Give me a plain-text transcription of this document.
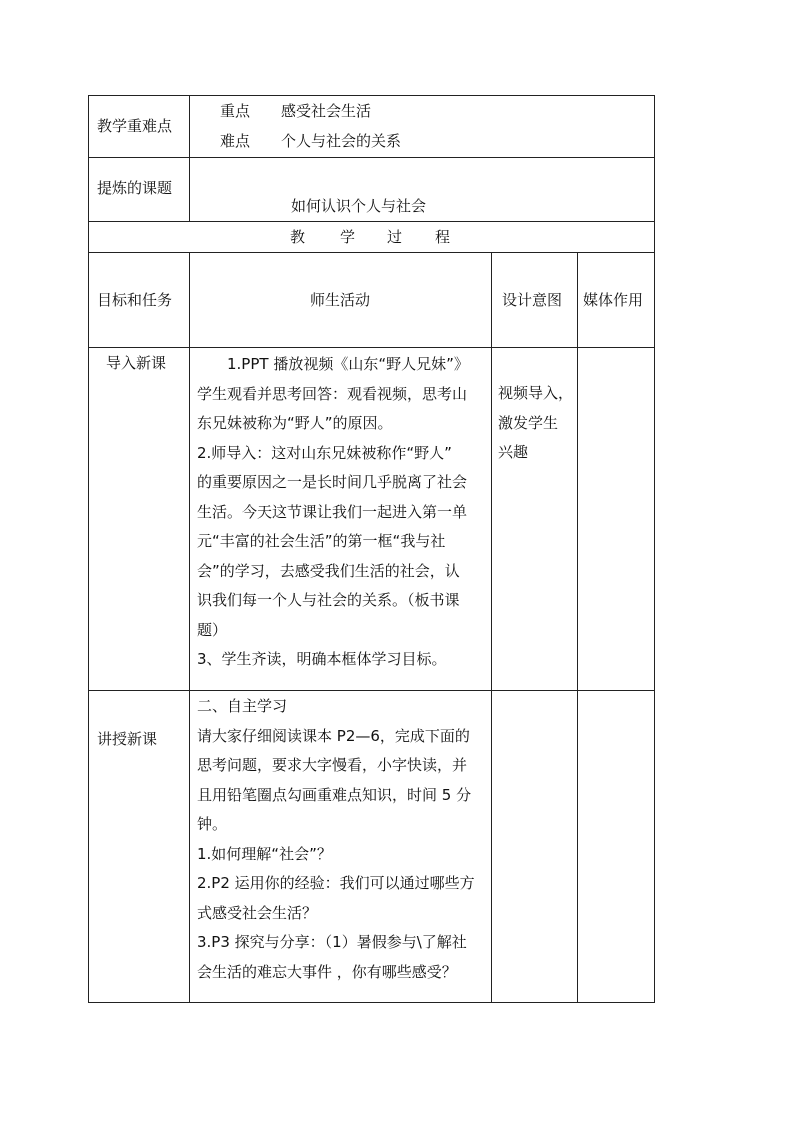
教学重难点
重点 感受社会生活
难点 个人与社会的关系
提炼的课题
如何认识个人与社会
教 学 过 程
目标和任务	师生活动	设计意图 媒体作用
导入新课 　　1.PPT 播放视频《山东“野人兄妹”》
学生观看并思考回答：观看视频，思考山
东兄妹被称为“野人”的原因。
2.师导入：这对山东兄妹被称作“野人”
的重要原因之一是长时间几乎脱离了社会
生活。今天这节课让我们一起进入第一单
元“丰富的社会生活”的第一框“我与社
会”的学习，去感受我们生活的社会，认
识我们每一个人与社会的关系。（板书课
题）
3、学生齐读，明确本框体学习目标。
视频导入，
激发学生
兴趣
讲授新课
二、自主学习
请大家仔细阅读课本 P2—6，完成下面的
思考问题，要求大字慢看，小字快读，并
且用铅笔圈点勾画重难点知识，时间 5 分
钟。
1.如何理解“社会”？
2.P2 运用你的经验：我们可以通过哪些方
式感受社会生活？
3.P3 探究与分享：（1）暑假参与\了解社
会生活的难忘大事件 ，你有哪些感受？
